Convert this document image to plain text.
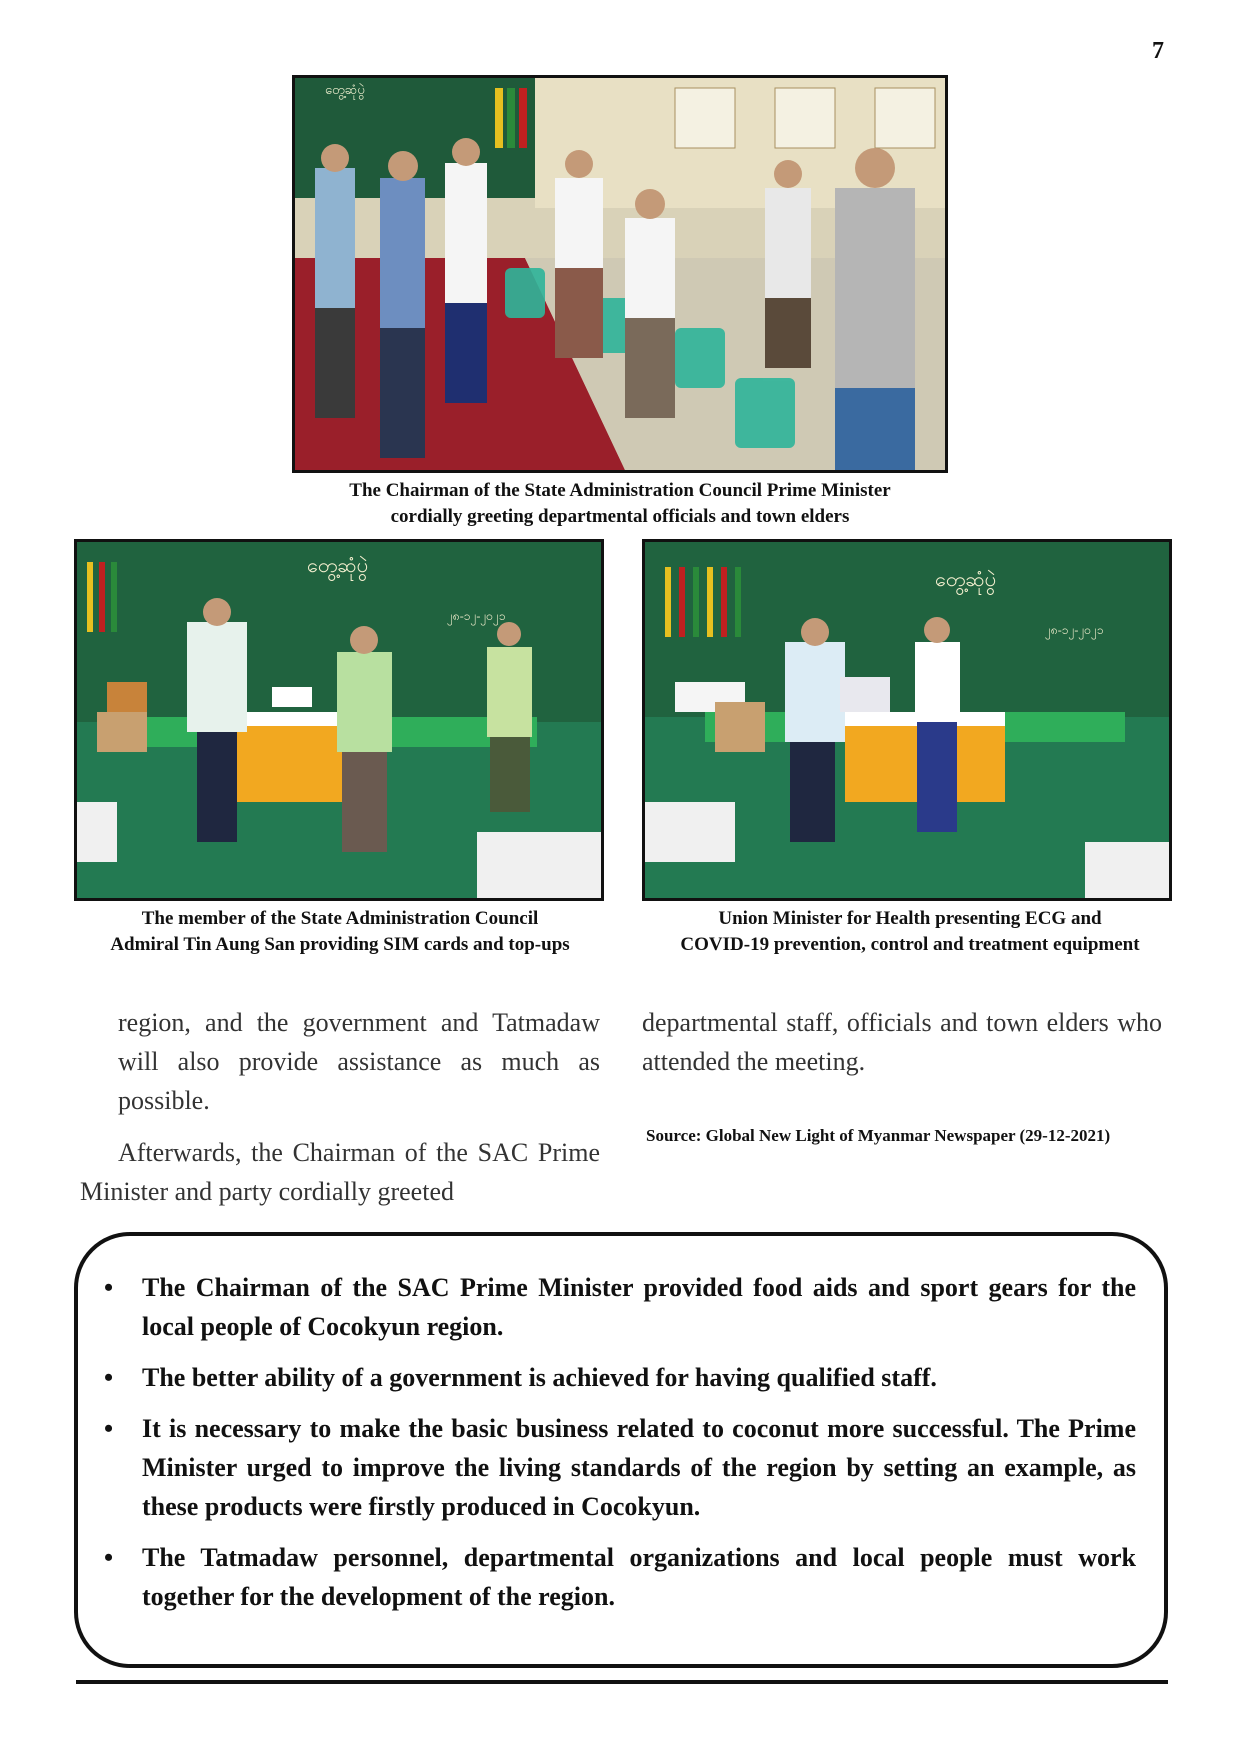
7
တွေ့ဆုံပွဲ
The Chairman of the State Administration Council Prime Minister
cordially greeting departmental officials and town elders
တွေ့ဆုံပွဲ
၂၈-၁၂-၂၀၂၁
The member of the State Administration Council
Admiral Tin Aung San providing SIM cards and top-ups
တွေ့ဆုံပွဲ
၂၈-၁၂-၂၀၂၁
Union Minister for Health presenting ECG and
COVID-19 prevention, control and treatment equipment

region, and the government and Tatmadaw will also provide assistance as much as possible.

Afterwards, the Chairman of the SAC Prime Minister and party cordially greeted

departmental staff, officials and town elders who attended the meeting.

Source: Global New Light of Myanmar Newspaper (29-12-2021)
• The Chairman of the SAC Prime Minister provided food aids and sport gears for the local people of Cocokyun region.
• The better ability of a government is achieved for having qualified staff.
• It is necessary to make the basic business related to coconut more successful. The Prime Minister urged to improve the living standards of the region by setting an example, as these products were firstly produced in Cocokyun.
• The Tatmadaw personnel, departmental organizations and local people must work together for the development of the region.
